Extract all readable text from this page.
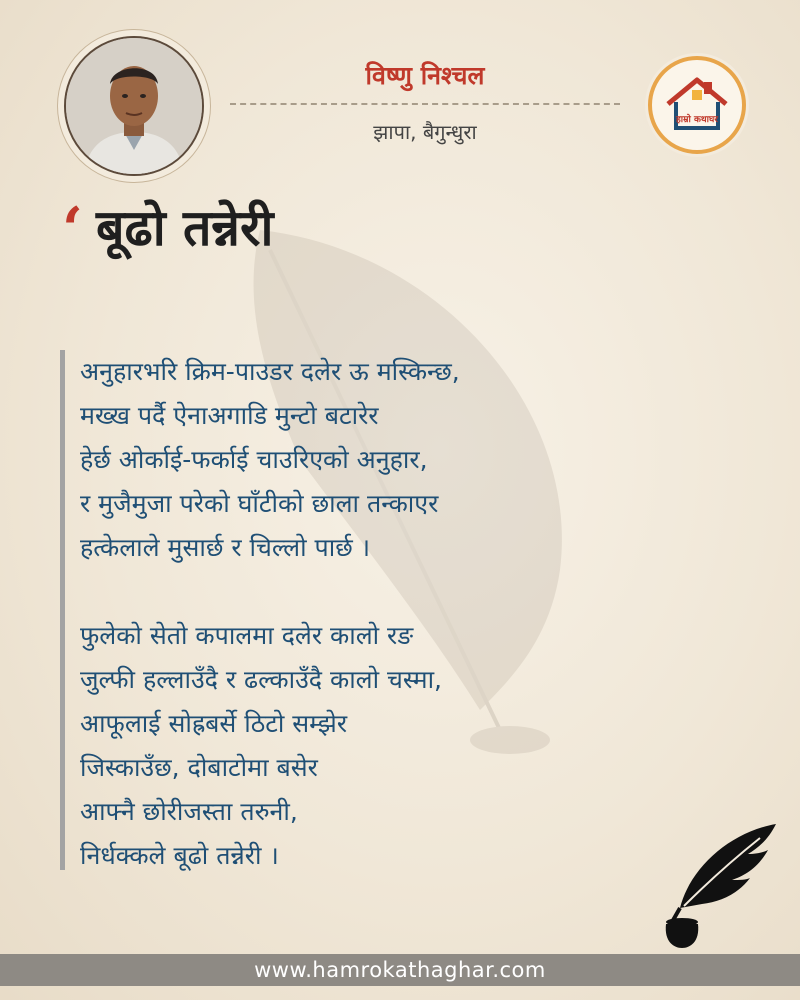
विष्णु निश्चल
झापा, बैगुन्धुरा	हाम्रो कथाघर
‘ बूढो तन्नेरी
अनुहारभरि क्रिम-पाउडर दलेर ऊ मस्किन्छ,
मख्ख पर्दै ऐनाअगाडि मुन्टो बटारेर
हेर्छ ओर्काई-फर्काई चाउरिएको अनुहार,
र मुजैमुजा परेको घाँटीको छाला तन्काएर
हत्केलाले मुसार्छ र चिल्लो पार्छ ।
फुलेको सेतो कपालमा दलेर कालो रङ
जुल्फी हल्लाउँदै र ढल्काउँदै कालो चस्मा,
आफूलाई सोह्रबर्से ठिटो सम्झेर
जिस्काउँछ, दोबाटोमा बसेर
आफ्नै छोरीजस्ता तरुनी,
निर्धक्कले बूढो तन्नेरी ।
www.hamrokathaghar.com
